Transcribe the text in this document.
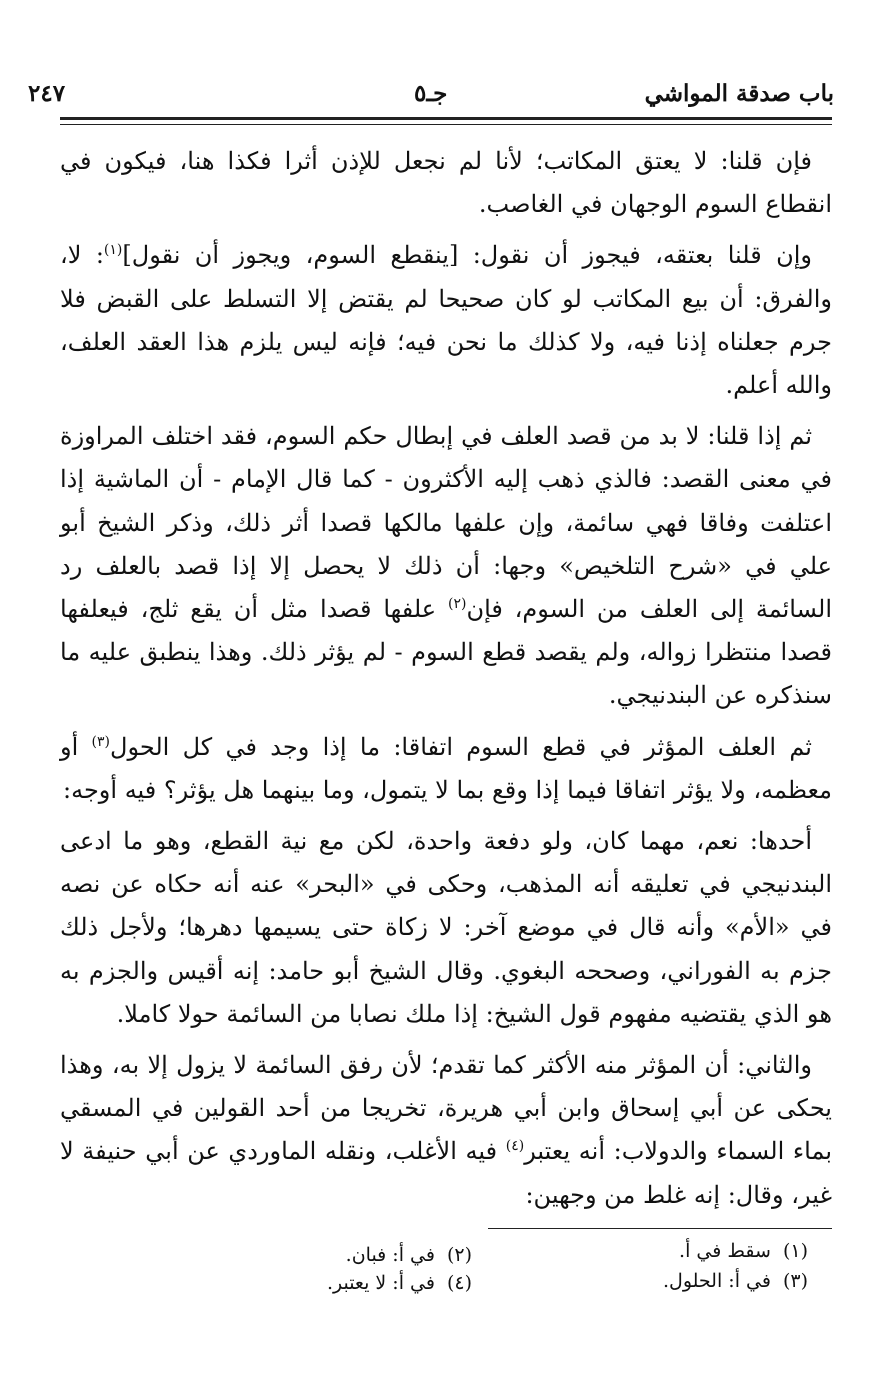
باب صدقة المواشي
جـ٥
٢٤٧

فإن قلنا: لا يعتق المكاتب؛ لأنا لم نجعل للإذن أثرا فكذا هنا، فيكون في انقطاع السوم الوجهان في الغاصب.

وإن قلنا بعتقه، فيجوز أن نقول: [ينقطع السوم، ويجوز أن نقول]$^{(١)}$: لا، والفرق: أن بيع المكاتب لو كان صحيحا لم يقتض إلا التسلط على القبض فلا جرم جعلناه إذنا فيه، ولا كذلك ما نحن فيه؛ فإنه ليس يلزم هذا العقد العلف، والله أعلم.

ثم إذا قلنا: لا بد من قصد العلف في إبطال حكم السوم، فقد اختلف المراوزة في معنى القصد: فالذي ذهب إليه الأكثرون - كما قال الإمام - أن الماشية إذا اعتلفت وفاقا فهي سائمة، وإن علفها مالكها قصدا أثر ذلك، وذكر الشيخ أبو علي في «شرح التلخيص» وجها: أن ذلك لا يحصل إلا إذا قصد بالعلف رد السائمة إلى العلف من السوم، فإن$^{(٢)}$ علفها قصدا مثل أن يقع ثلج، فيعلفها قصدا منتظرا زواله، ولم يقصد قطع السوم - لم يؤثر ذلك. وهذا ينطبق عليه ما سنذكره عن البندنيجي.

ثم العلف المؤثر في قطع السوم اتفاقا: ما إذا وجد في كل الحول$^{(٣)}$ أو معظمه، ولا يؤثر اتفاقا فيما إذا وقع بما لا يتمول، وما بينهما هل يؤثر؟ فيه أوجه:

أحدها: نعم، مهما كان، ولو دفعة واحدة، لكن مع نية القطع، وهو ما ادعى البندنيجي في تعليقه أنه المذهب، وحكى في «البحر» عنه أنه حكاه عن نصه في «الأم» وأنه قال في موضع آخر: لا زكاة حتى يسيمها دهرها؛ ولأجل ذلك جزم به الفوراني، وصححه البغوي. وقال الشيخ أبو حامد: إنه أقيس والجزم به هو الذي يقتضيه مفهوم قول الشيخ: إذا ملك نصابا من السائمة حولا كاملا.

والثاني: أن المؤثر منه الأكثر كما تقدم؛ لأن رفق السائمة لا يزول إلا به، وهذا يحكى عن أبي إسحاق وابن أبي هريرة، تخريجا من أحد القولين في المسقي بماء السماء والدولاب: أنه يعتبر$^{(٤)}$ فيه الأغلب، ونقله الماوردي عن أبي حنيفة لا غير، وقال: إنه غلط من وجهين:

(١)سقط في أ.
(٢)في أ: فبان.
(٣)في أ: الحلول.
(٤)في أ: لا يعتبر.
